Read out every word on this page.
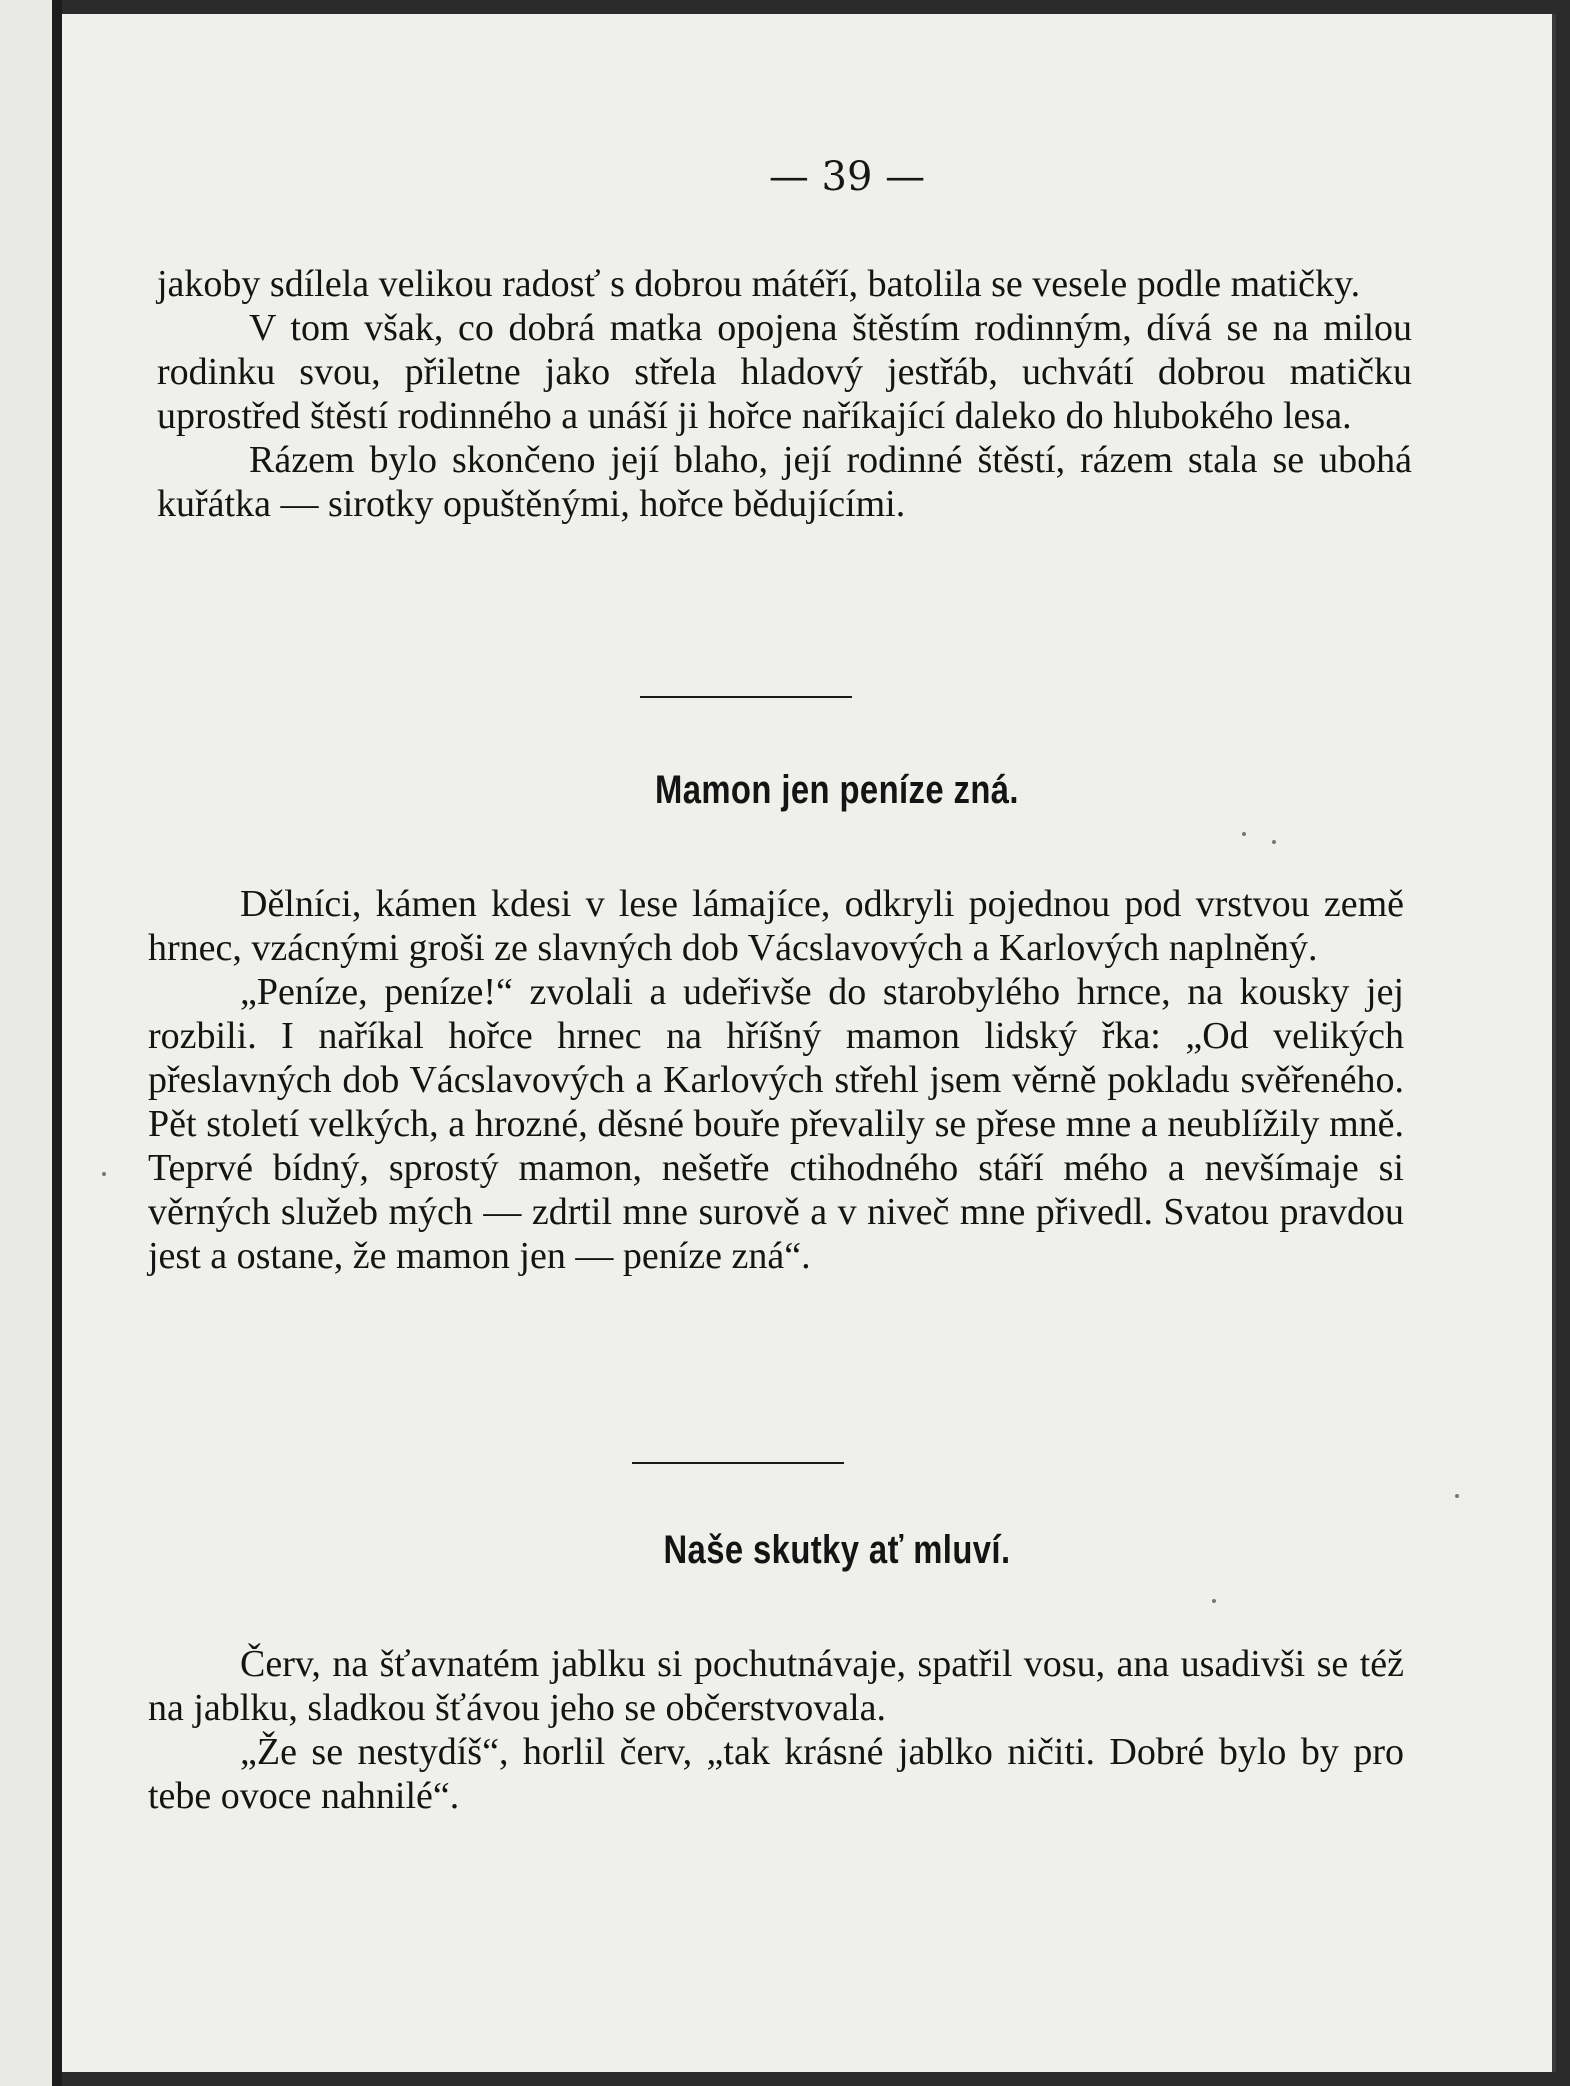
— 39 —

jakoby sdílela velikou radosť s dobrou mátéří, batolila se vesele podle matičky.

V tom však, co dobrá matka opojena štěstím rodinným, dívá se na milou rodinku svou, přiletne jako střela hladový jestřáb, uchvátí dobrou matičku uprostřed štěstí rodinného a unáší ji hořce naříkající daleko do hlubokého lesa.

Rázem bylo skončeno její blaho, její rodinné štěstí, rázem stala se ubohá kuřátka — sirotky opuštěnými, hořce bědujícími.

Mamon jen peníze zná.

Dělníci, kámen kdesi v lese lámajíce, odkryli pojednou pod vrstvou země hrnec, vzácnými groši ze slavných dob Vácslavových a Karlových naplněný.

„Peníze, peníze!“ zvolali a udeřivše do starobylého hrnce, na kousky jej rozbili. I naříkal hořce hrnec na hříšný mamon lidský řka: „Od velikých přeslavných dob Vácslavových a Karlových střehl jsem věrně pokladu svěřeného. Pět století velkých, a hrozné, děsné bouře převalily se přese mne a neublížily mně. Teprvé bídný, sprostý mamon, nešetře ctihodného stáří mého a nevšímaje si věrných služeb mých — zdrtil mne surově a v niveč mne přivedl. Svatou pravdou jest a ostane, že mamon jen — peníze zná“.

Naše skutky ať mluví.

Červ, na šťavnatém jablku si pochutnávaje, spatřil vosu, ana usadivši se též na jablku, sladkou šťávou jeho se občerstvovala.

„Že se nestydíš“, horlil červ, „tak krásné jablko ničiti. Dobré bylo by pro tebe ovoce nahnilé“.
